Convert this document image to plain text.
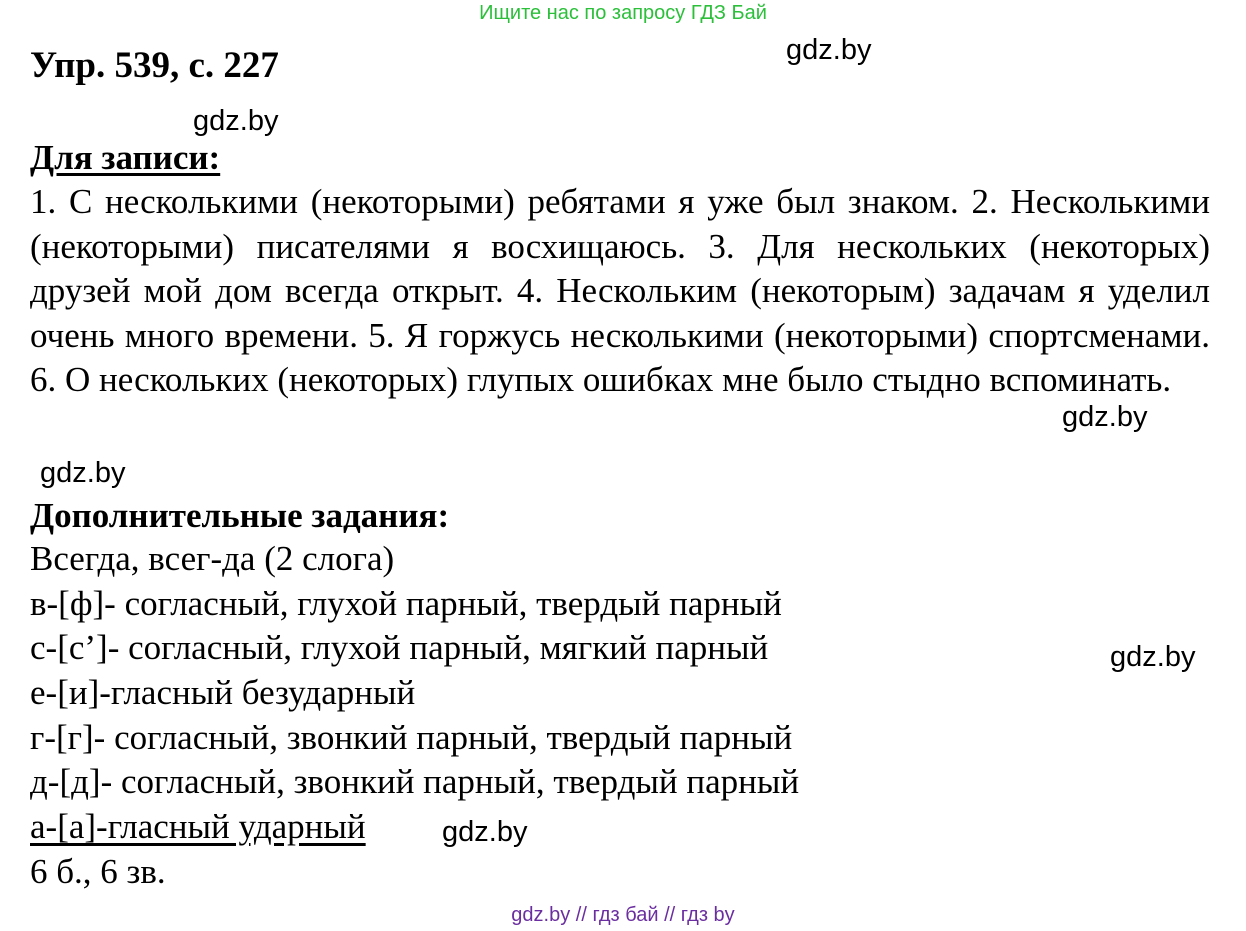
Ищите нас по запросу ГДЗ Бай
Упр. 539, с. 227	gdz.by
gdz.by
Для записи:
1. С несколькими (некоторыми) ребятами я уже был знаком. 2. Несколькими (некоторыми) писателями я восхищаюсь. 3. Для нескольких (некоторых) друзей мой дом всегда открыт. 4. Нескольким (некоторым) задачам я уделил очень много времени. 5. Я горжусь несколькими (некоторыми) спортсменами. 6. О нескольких (некоторых) глупых ошибках мне было стыдно вспоминать.
gdz.by
gdz.by
Дополнительные задания:
Всегда, всег-да (2 слога)
в-[ф]- согласный, глухой парный, твердый парный
с-[с’]- согласный, глухой парный, мягкий парный
е-[и]-гласный безударный
г-[г]- согласный, звонкий парный, твердый парный
д-[д]- согласный, звонкий парный, твердый парный
а-[а]-гласный ударный
6 б., 6 зв.
gdz.by
gdz.by
gdz.by // гдз бай // гдз by
